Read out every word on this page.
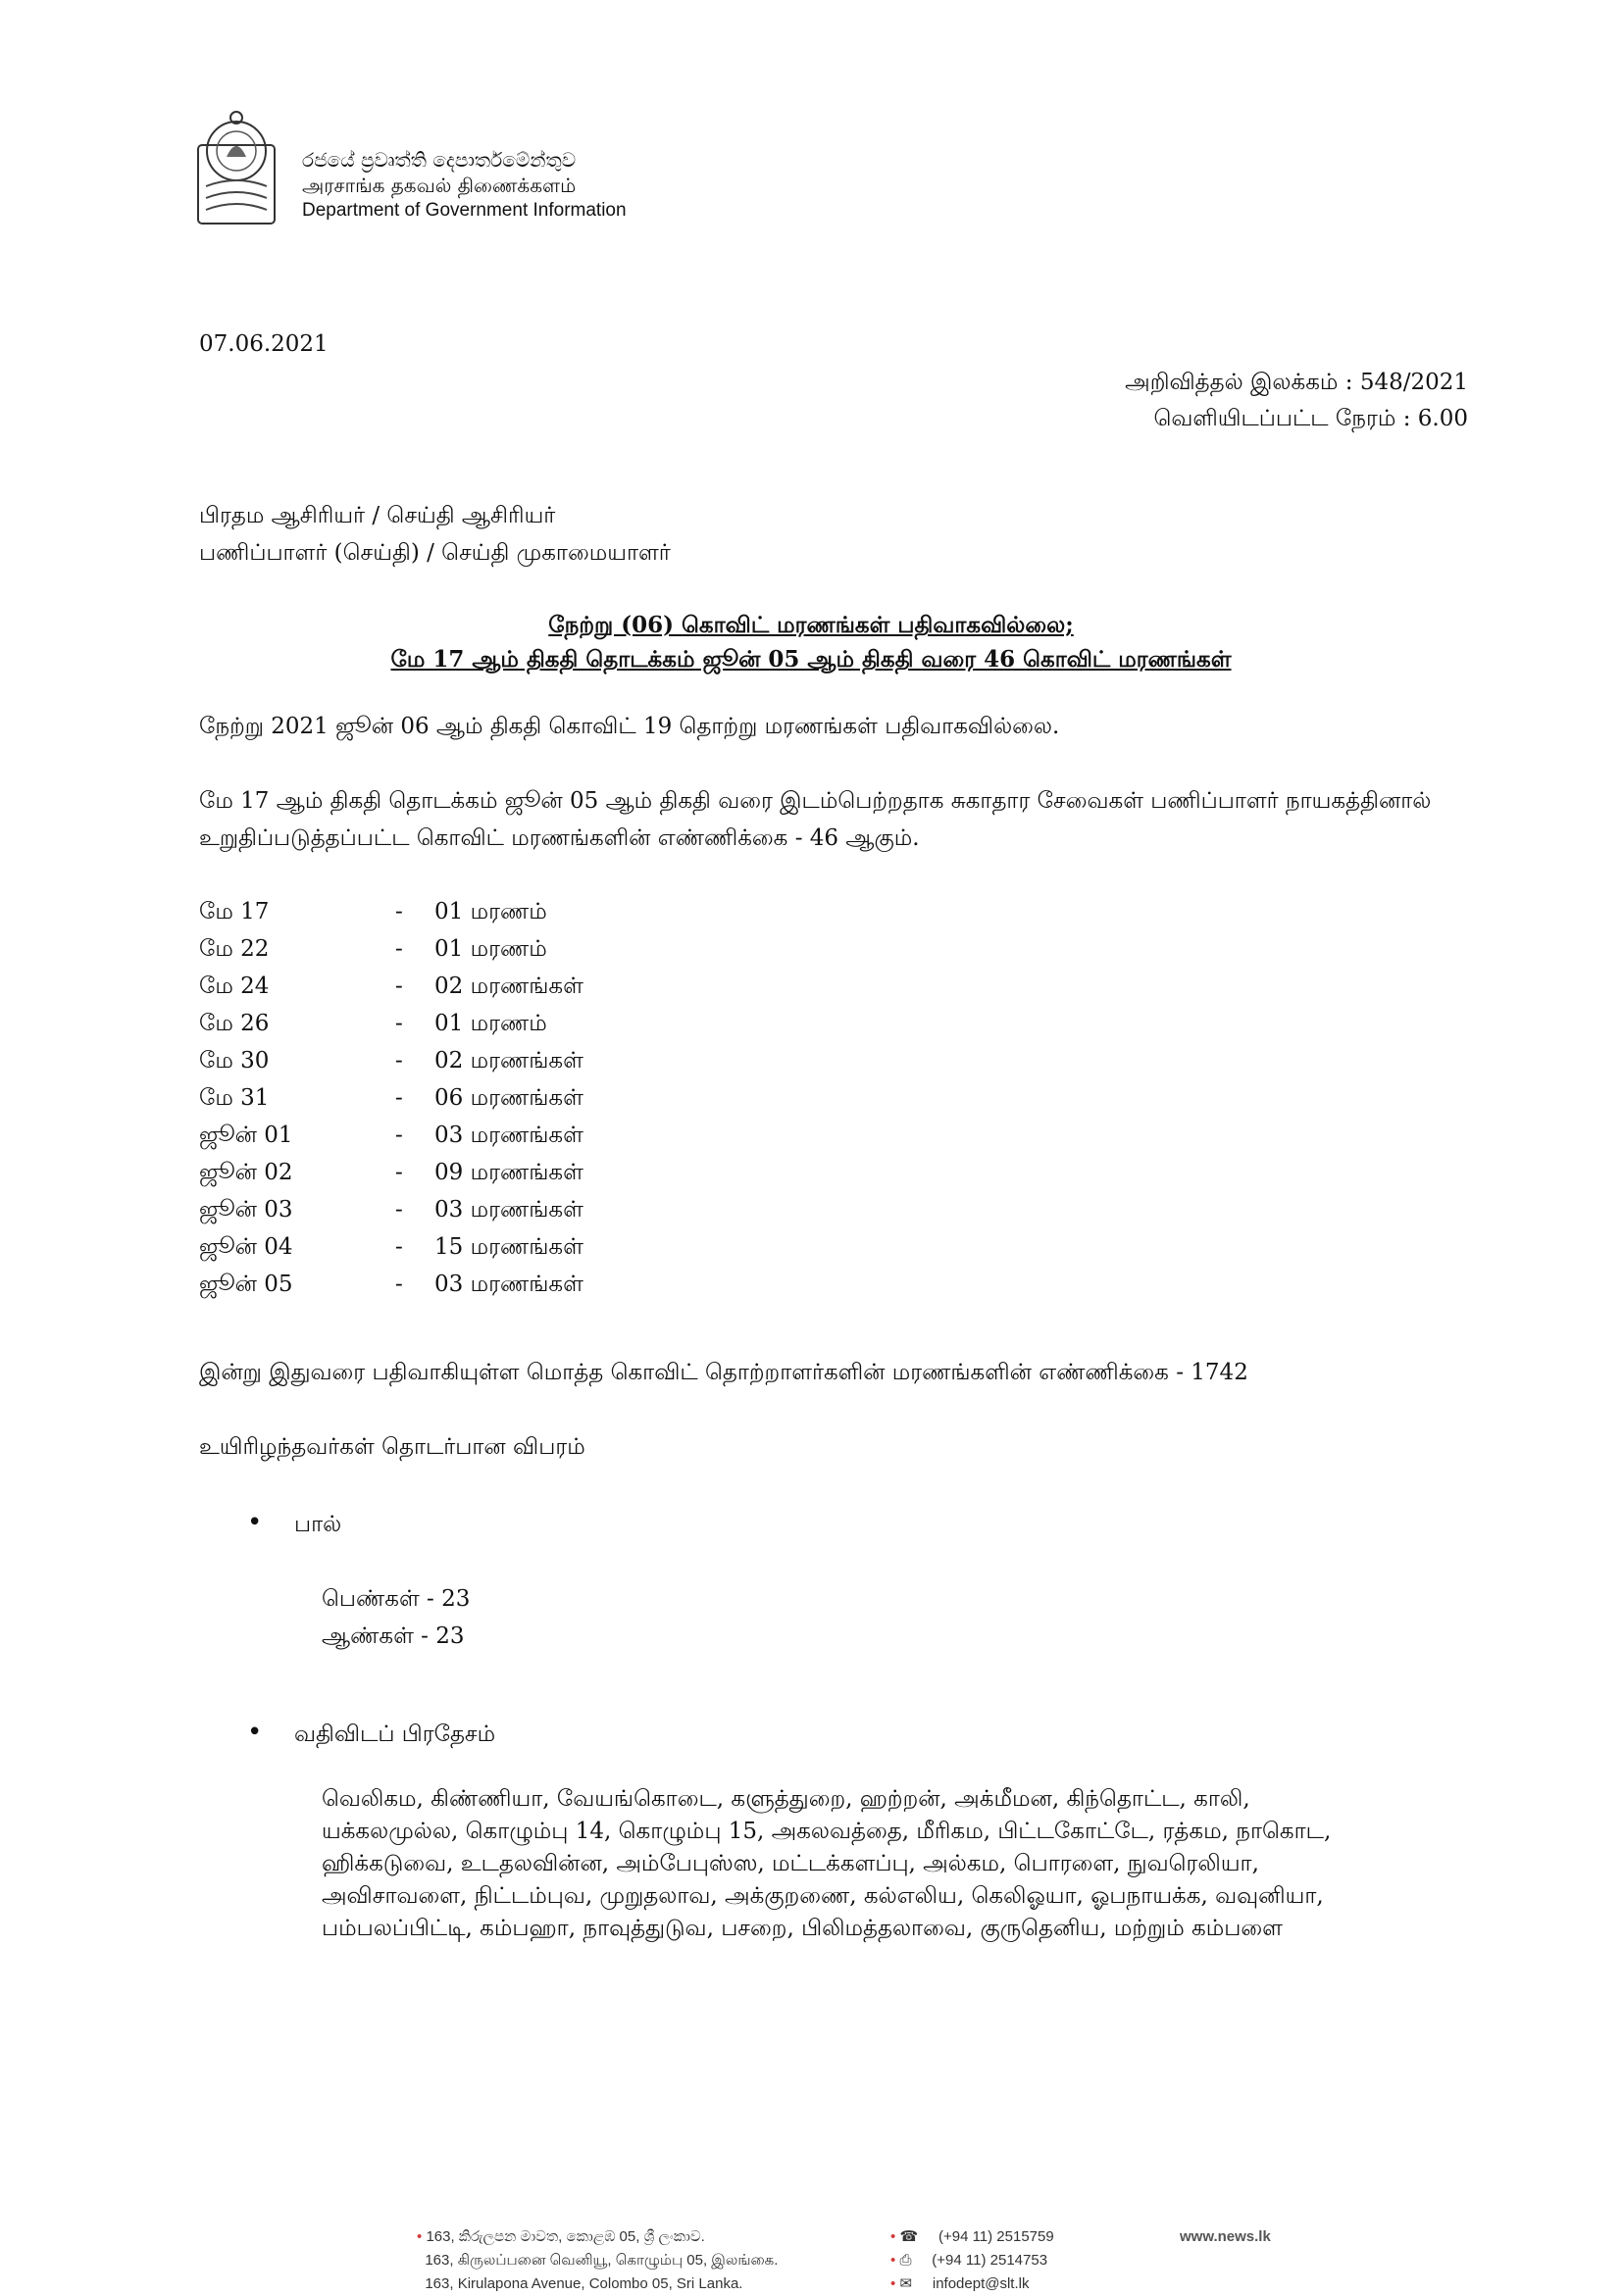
රජයේ ප්‍රවෘත්ති දෙපාර්තමේන්තුව
அரசாங்க தகவல் திணைக்களம்
Department of Government Information
07.06.2021
அறிவித்தல் இலக்கம் : 548/2021
வெளியிடப்பட்ட நேரம் : 6.00
பிரதம ஆசிரியர் / செய்தி ஆசிரியர்
பணிப்பாளர் (செய்தி) / செய்தி முகாமையாளர்
நேற்று (06) கொவிட் மரணங்கள் பதிவாகவில்லை;
மே 17 ஆம் திகதி தொடக்கம் ஜூன் 05 ஆம் திகதி வரை 46 கொவிட் மரணங்கள்
நேற்று 2021 ஜூன் 06 ஆம் திகதி கொவிட் 19 தொற்று மரணங்கள் பதிவாகவில்லை.
மே 17 ஆம் திகதி தொடக்கம் ஜூன் 05 ஆம் திகதி வரை இடம்பெற்றதாக சுகாதார சேவைகள் பணிப்பாளர் நாயகத்தினால் உறுதிப்படுத்தப்பட்ட கொவிட் மரணங்களின் எண்ணிக்கை - 46 ஆகும்.
மே 17	- 01 மரணம்
மே 22	- 01 மரணம்
மே 24	- 02 மரணங்கள்
மே 26	- 01 மரணம்
மே 30	- 02 மரணங்கள்
மே 31	- 06 மரணங்கள்
ஜூன் 01	- 03 மரணங்கள்
ஜூன் 02	- 09 மரணங்கள்
ஜூன் 03	- 03 மரணங்கள்
ஜூன் 04	- 15 மரணங்கள்
ஜூன் 05	- 03 மரணங்கள்
இன்று இதுவரை பதிவாகியுள்ள மொத்த கொவிட் தொற்றாளர்களின் மரணங்களின் எண்ணிக்கை - 1742
உயிரிழந்தவர்கள் தொடர்பான விபரம்
• பால்
பெண்கள் - 23
ஆண்கள் - 23
• வதிவிடப் பிரதேசம்
வெலிகம, கிண்ணியா, வேயங்கொடை, களுத்துறை, ஹற்றன், அக்மீமன, கிந்தொட்ட, காலி,
யக்கலமுல்ல, கொழும்பு 14, கொழும்பு 15, அகலவத்தை, மீரிகம, பிட்டகோட்டே, ரத்கம, நாகொட,
ஹிக்கடுவை, உடதலவின்ன, அம்பேபுஸ்ஸ, மட்டக்களப்பு, அல்கம, பொரளை, நுவரெலியா,
அவிசாவளை, நிட்டம்புவ, முறுதலாவ, அக்குறணை, கல்எலிய, கெலிஓயா, ஓபநாயக்க, வவுனியா,
பம்பலப்பிட்டி, கம்பஹா, நாவுத்துடுவ, பசறை, பிலிமத்தலாவை, குருதெனிய, மற்றும் கம்பளை
• 163, කිරුලපන මාවත, කොළඹ 05, ශ්‍රී ලංකාව.
163, கிருலப்பனை வெனியூ, கொழும்பு 05, இலங்கை.
163, Kirulapona Avenue, Colombo 05, Sri Lanka.
• ☎ (+94 11) 2515759
• ⎙ (+94 11) 2514753
• ✉ infodept@slt.lk
www.news.lk
